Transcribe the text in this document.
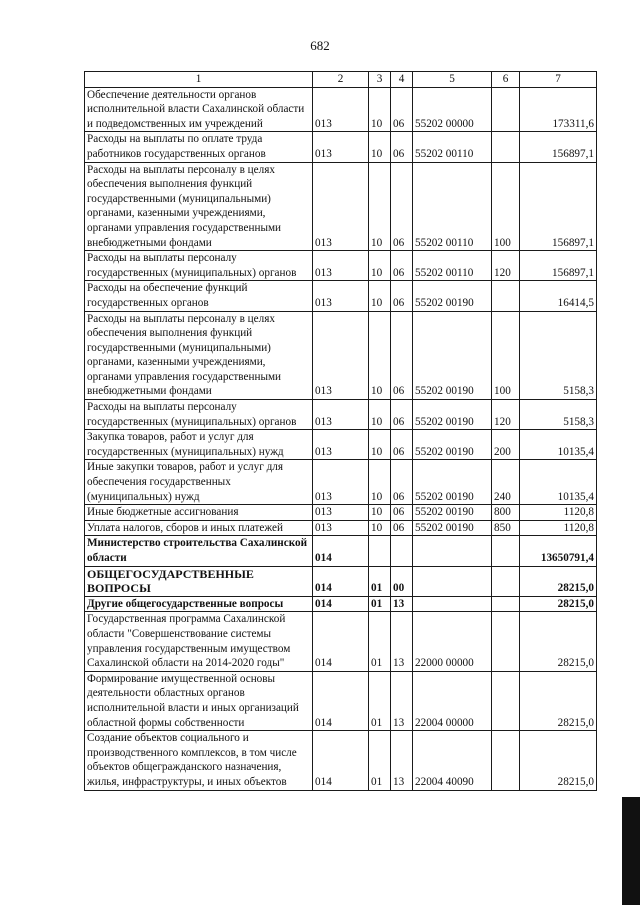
682
1	2	3	4	5	6	7
Обеспечение деятельности органов исполнительной власти Сахалинской области и подведомственных им учреждений	013	10	06	55202 00000		173311,6
Расходы на выплаты по оплате труда работников государственных органов	013	10	06	55202 00110		156897,1
Расходы на выплаты персоналу в целях обеспечения выполнения функций государственными (муниципальными) органами, казенными учреждениями, органами управления государственными внебюджетными фондами	013	10	06	55202 00110	100	156897,1
Расходы на выплаты персоналу государственных (муниципальных) органов	013	10	06	55202 00110	120	156897,1
Расходы на обеспечение функций государственных органов	013	10	06	55202 00190		16414,5
Расходы на выплаты персоналу в целях обеспечения выполнения функций государственными (муниципальными) органами, казенными учреждениями, органами управления государственными внебюджетными фондами	013	10	06	55202 00190	100	5158,3
Расходы на выплаты персоналу государственных (муниципальных) органов	013	10	06	55202 00190	120	5158,3
Закупка товаров, работ и услуг для государственных (муниципальных) нужд	013	10	06	55202 00190	200	10135,4
Иные закупки товаров, работ и услуг для обеспечения государственных (муниципальных) нужд	013	10	06	55202 00190	240	10135,4
Иные бюджетные ассигнования	013	10	06	55202 00190	800	1120,8
Уплата налогов, сборов и иных платежей	013	10	06	55202 00190	850	1120,8
Министерство строительства Сахалинской области	014					13650791,4
ОБЩЕГОСУДАРСТВЕННЫЕ ВОПРОСЫ	014	01	00			28215,0
Другие общегосударственные вопросы	014	01	13			28215,0
Государственная программа Сахалинской области "Совершенствование системы управления государственным имуществом Сахалинской области на 2014-2020 годы"	014	01	13	22000 00000		28215,0
Формирование имущественной основы деятельности областных органов исполнительной власти и иных организаций областной формы собственности	014	01	13	22004 00000		28215,0
Создание объектов социального и производственного комплексов, в том числе объектов общегражданского назначения, жилья, инфраструктуры, и иных объектов	014	01	13	22004 40090		28215,0
